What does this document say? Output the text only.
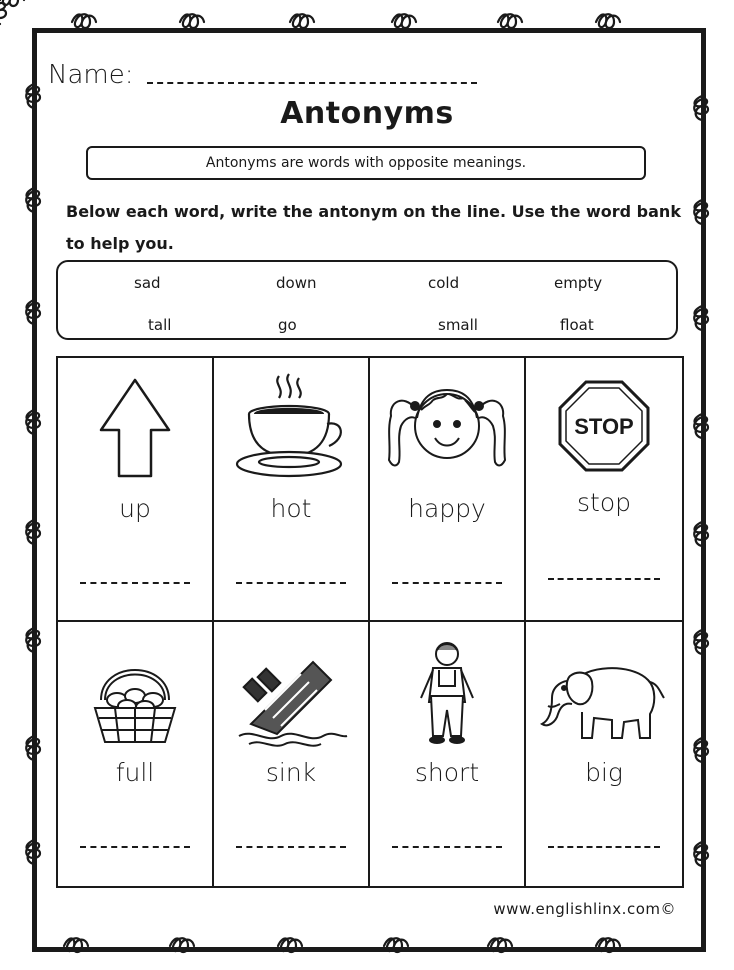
Name:
Antonyms
Antonyms are words with opposite meanings.
Below each word, write the antonym on the line. Use the word bank to help you.
sad	down	cold	empty
tall	go	small	float
up	hot	happy
STOP
stop
full	sink	short	big
www.englishlinx.com©
